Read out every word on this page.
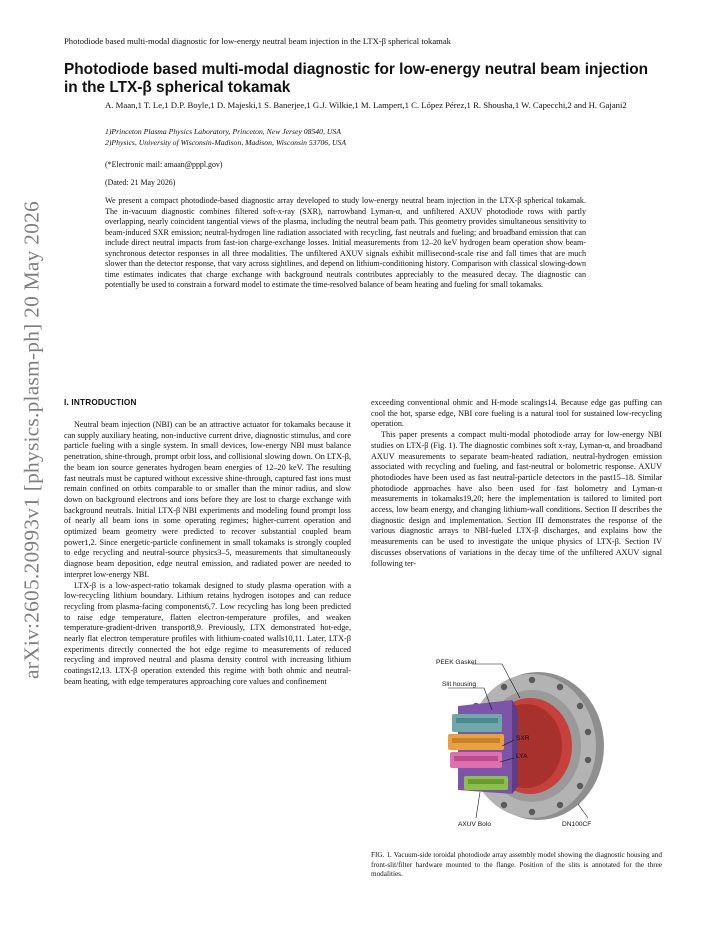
Photodiode based multi-modal diagnostic for low-energy neutral beam injection in the LTX-β spherical tokamak
arXiv:2605.20993v1 [physics.plasm-ph] 20 May 2026
Photodiode based multi-modal diagnostic for low-energy neutral beam injection in the LTX-β spherical tokamak
A. Maan,1 T. Le,1 D.P. Boyle,1 D. Majeski,1 S. Banerjee,1 G.J. Wilkie,1 M. Lampert,1 C. López Pérez,1 R. Shousha,1 W. Capecchi,2 and H. Gajani2
1)Princeton Plasma Physics Laboratory, Princeton, New Jersey 08540, USA
2)Physics, University of Wisconsin-Madison, Madison, Wisconsin 53706, USA
(*Electronic mail: amaan@pppl.gov)
(Dated: 21 May 2026)
We present a compact photodiode-based diagnostic array developed to study low-energy neutral beam injection in the LTX-β spherical tokamak. The in-vacuum diagnostic combines filtered soft-x-ray (SXR), narrowband Lyman-α, and unfiltered AXUV photodiode rows with partly overlapping, nearly coincident tangential views of the plasma, including the neutral beam path. This geometry provides simultaneous sensitivity to beam-induced SXR emission; neutral-hydrogen line radiation associated with recycling, fast neutrals and fueling; and broadband emission that can include direct neutral impacts from fast-ion charge-exchange losses. Initial measurements from 12–20 keV hydrogen beam operation show beam-synchronous detector responses in all three modalities. The unfiltered AXUV signals exhibit millisecond-scale rise and fall times that are much slower than the detector response, that vary across sightlines, and depend on lithium-conditioning history. Comparison with classical slowing-down time estimates indicates that charge exchange with background neutrals contributes appreciably to the measured decay. The diagnostic can potentially be used to constrain a forward model to estimate the time-resolved balance of beam heating and fueling for small tokamaks.
I. INTRODUCTION

Neutral beam injection (NBI) can be an attractive actuator for tokamaks because it can supply auxiliary heating, non-inductive current drive, diagnostic stimulus, and core particle fueling with a single system. In small devices, low-energy NBI must balance penetration, shine-through, prompt orbit loss, and collisional slowing down. On LTX-β, the beam ion source generates hydrogen beam energies of 12–20 keV. The resulting fast neutrals must be captured without excessive shine-through, captured fast ions must remain confined on orbits comparable to or smaller than the minor radius, and slow down on background electrons and ions before they are lost to charge exchange with background neutrals. Initial LTX-β NBI experiments and modeling found prompt loss of nearly all beam ions in some operating regimes; higher-current operation and optimized beam geometry were predicted to recover substantial coupled beam power1,2. Since energetic-particle confinement in small tokamaks is strongly coupled to edge recycling and neutral-source physics3–5, measurements that simultaneously diagnose beam deposition, edge neutral emission, and radiated power are needed to interpret low-energy NBI.

LTX-β is a low-aspect-ratio tokamak designed to study plasma operation with a low-recycling lithium boundary. Lithium retains hydrogen isotopes and can reduce recycling from plasma-facing components6,7. Low recycling has long been predicted to raise edge temperature, flatten electron-temperature profiles, and weaken temperature-gradient-driven transport8,9. Previously, LTX demonstrated hot-edge, nearly flat electron temperature profiles with lithium-coated walls10,11. Later, LTX-β experiments directly connected the hot edge regime to measurements of reduced recycling and improved neutral and plasma density control with increasing lithium coatings12,13. LTX-β operation extended this regime with both ohmic and neutral-beam heating, with edge temperatures approaching core values and confinement

exceeding conventional ohmic and H-mode scalings14. Because edge gas puffing can cool the hot, sparse edge, NBI core fueling is a natural tool for sustained low-recycling operation.

This paper presents a compact multi-modal photodiode array for low-energy NBI studies on LTX-β (Fig. 1). The diagnostic combines soft x-ray, Lyman-α, and broadband AXUV measurements to separate beam-heated radiation, neutral-hydrogen emission associated with recycling and fueling, and fast-neutral or bolometric response. AXUV photodiodes have been used as fast neutral-particle detectors in the past15–18. Similar photodiode approaches have also been used for fast bolometry and Lyman-α measurements in tokamaks19,20; here the implementation is tailored to limited port access, low beam energy, and changing lithium-wall conditions. Section II describes the diagnostic design and implementation. Section III demonstrates the response of the various diagnostic arrays to NBI-fueled LTX-β discharges, and explains how the measurements can be used to investigate the unique physics of LTX-β. Section IV discusses observations of variations in the decay time of the unfiltered AXUV signal following ter-

PEEK Gasket
Slit housing
SXR
LYA
AXUV Bolo	DN100CF
FIG. 1. Vacuum-side toroidal photodiode array assembly model showing the diagnostic housing and front-slit/filter hardware mounted to the flange. Position of the slits is annotated for the three modalities.
